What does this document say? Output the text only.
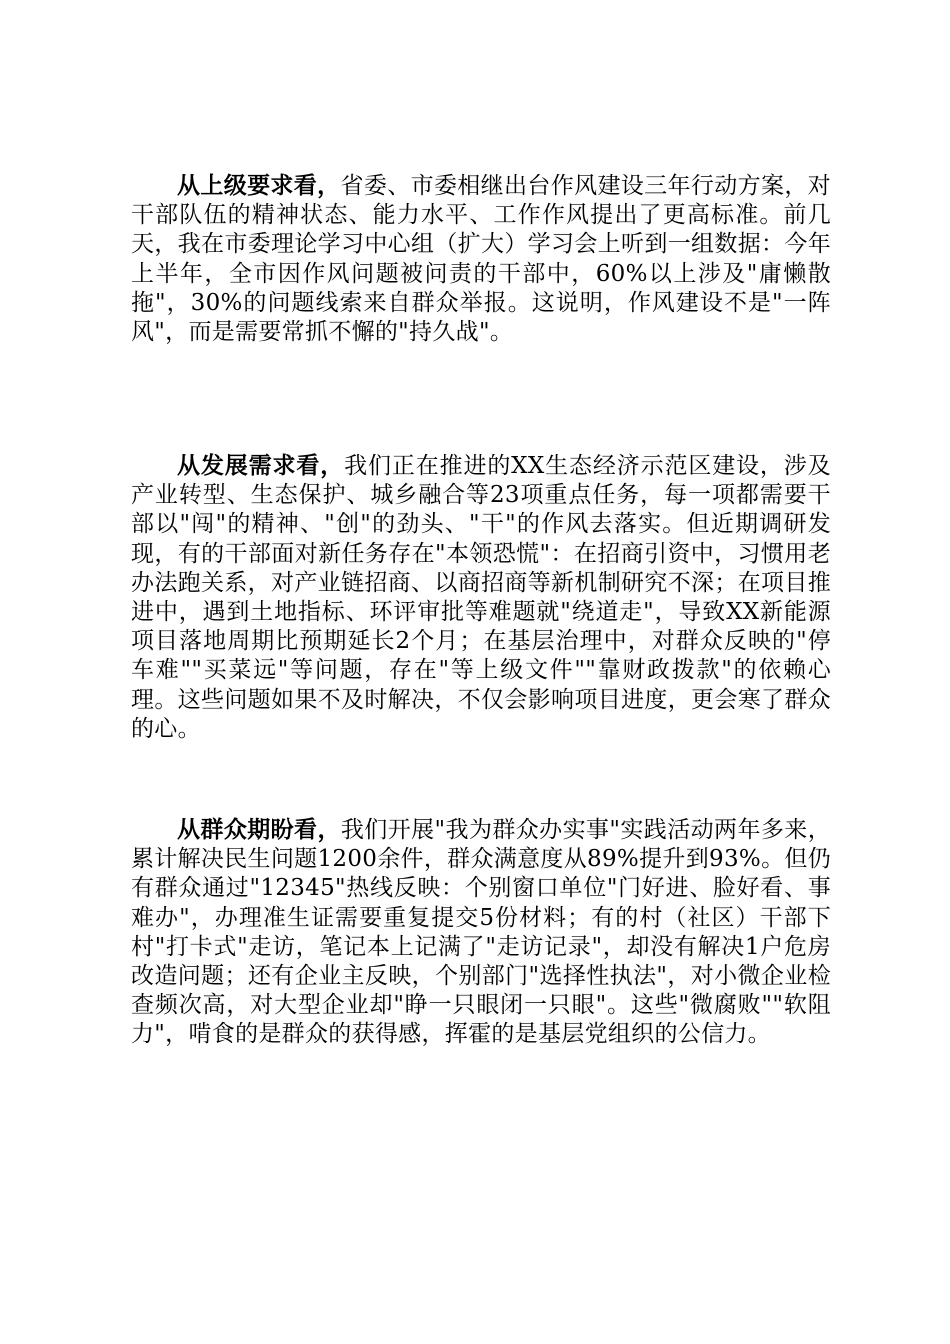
从上级要求看，省委、市委相继出台作风建设三年行动方案，对干部队伍的精神状态、能力水平、工作作风提出了更高标准。前几天，我在市委理论学习中心组（扩大）学习会上听到一组数据：今年上半年，全市因作风问题被问责的干部中，60%以上涉及"庸懒散拖"，30%的问题线索来自群众举报。这说明，作风建设不是"一阵风"，而是需要常抓不懈的"持久战"。

从发展需求看，我们正在推进的XX生态经济示范区建设，涉及产业转型、生态保护、城乡融合等23项重点任务，每一项都需要干部以"闯"的精神、"创"的劲头、"干"的作风去落实。但近期调研发现，有的干部面对新任务存在"本领恐慌"：在招商引资中，习惯用老办法跑关系，对产业链招商、以商招商等新机制研究不深；在项目推进中，遇到土地指标、环评审批等难题就"绕道走"，导致XX新能源项目落地周期比预期延长2个月；在基层治理中，对群众反映的"停车难""买菜远"等问题，存在"等上级文件""靠财政拨款"的依赖心理。这些问题如果不及时解决，不仅会影响项目进度，更会寒了群众的心。

从群众期盼看，我们开展"我为群众办实事"实践活动两年多来，累计解决民生问题1200余件，群众满意度从89%提升到93%。但仍有群众通过"12345"热线反映：个别窗口单位"门好进、脸好看、事难办"，办理准生证需要重复提交5份材料；有的村（社区）干部下村"打卡式"走访，笔记本上记满了"走访记录"，却没有解决1户危房改造问题；还有企业主反映，个别部门"选择性执法"，对小微企业检查频次高，对大型企业却"睁一只眼闭一只眼"。这些"微腐败""软阻力"，啃食的是群众的获得感，挥霍的是基层党组织的公信力。
